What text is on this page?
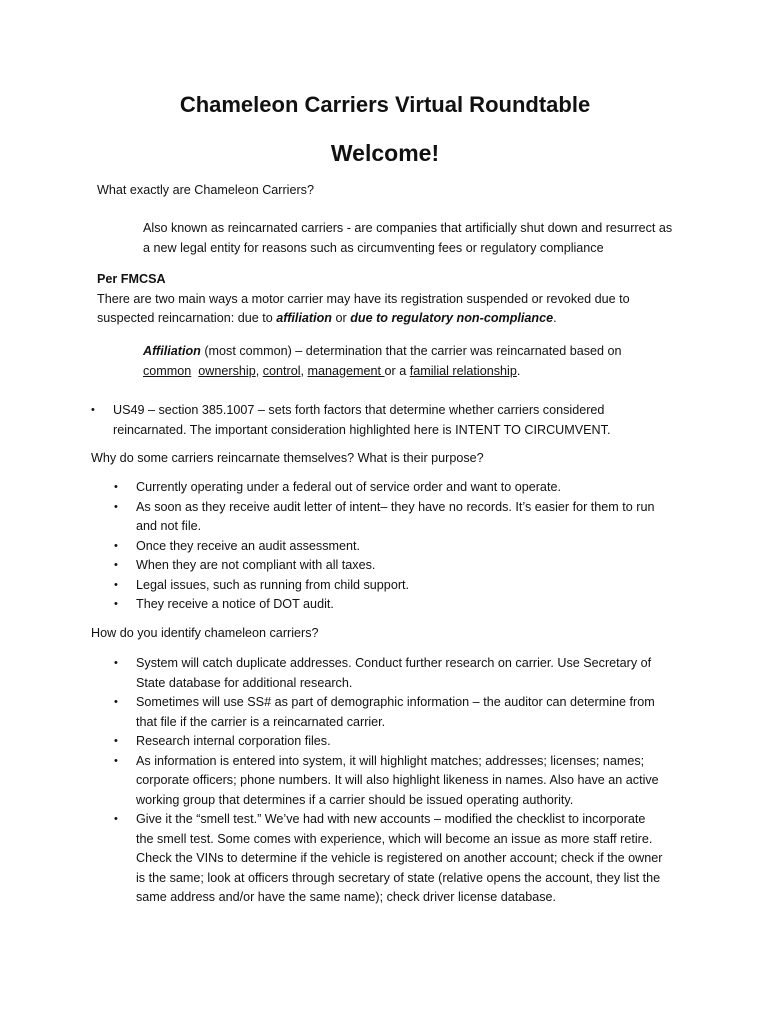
Chameleon Carriers Virtual Roundtable
Welcome!
What exactly are Chameleon Carriers?
Also known as reincarnated carriers - are companies that artificially shut down and resurrect as
a new legal entity for reasons such as circumventing fees or regulatory compliance
Per FMCSA
There are two main ways a motor carrier may have its registration suspended or revoked due to
suspected reincarnation: due to affiliation or due to regulatory non-compliance.
Affiliation (most common) – determination that the carrier was reincarnated based on
common ownership, control, management or a familial relationship.
• US49 – section 385.1007 – sets forth factors that determine whether carriers considered
reincarnated. The important consideration highlighted here is INTENT TO CIRCUMVENT.
Why do some carriers reincarnate themselves? What is their purpose?
• Currently operating under a federal out of service order and want to operate.
• As soon as they receive audit letter of intent– they have no records. It’s easier for them to run
and not file.
• Once they receive an audit assessment.
• When they are not compliant with all taxes.
• Legal issues, such as running from child support.
• They receive a notice of DOT audit.
How do you identify chameleon carriers?
• System will catch duplicate addresses. Conduct further research on carrier. Use Secretary of
State database for additional research.
• Sometimes will use SS# as part of demographic information – the auditor can determine from
that file if the carrier is a reincarnated carrier.
• Research internal corporation files.
• As information is entered into system, it will highlight matches; addresses; licenses; names;
corporate officers; phone numbers. It will also highlight likeness in names. Also have an active
working group that determines if a carrier should be issued operating authority.
• Give it the “smell test.” We’ve had with new accounts – modified the checklist to incorporate
the smell test. Some comes with experience, which will become an issue as more staff retire.
Check the VINs to determine if the vehicle is registered on another account; check if the owner
is the same; look at officers through secretary of state (relative opens the account, they list the
same address and/or have the same name); check driver license database.
